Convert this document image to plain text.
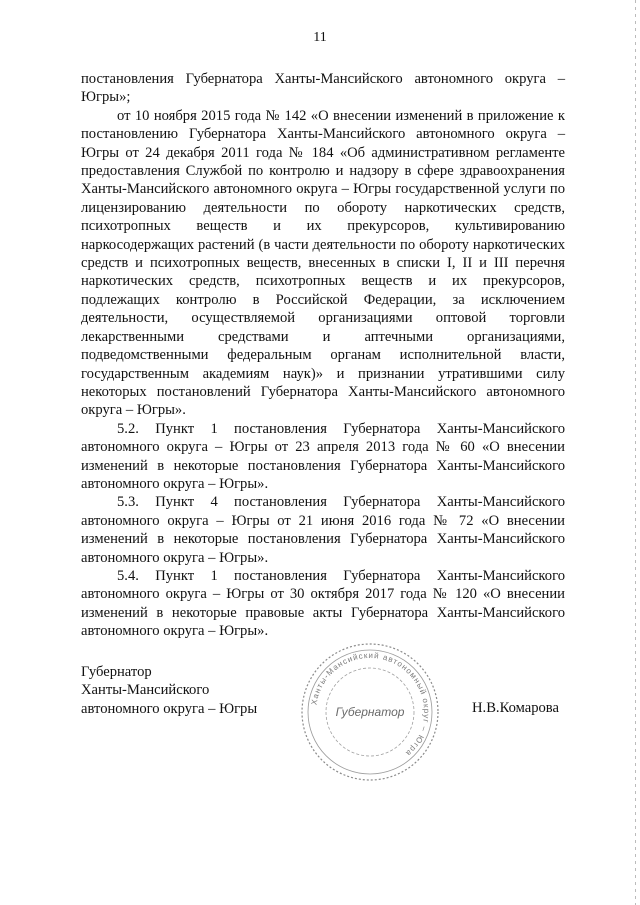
11

постановления Губернатора Ханты-Мансийского автономного округа – Югры»;

от 10 ноября 2015 года № 142 «О внесении изменений в приложение к постановлению Губернатора Ханты-Мансийского автономного округа – Югры от 24 декабря 2011 года № 184 «Об административном регламенте предоставления Службой по контролю и надзору в сфере здравоохранения Ханты-Мансийского автономного округа – Югры государственной услуги по лицензированию деятельности по обороту наркотических средств, психотропных веществ и их прекурсоров, культивированию наркосодержащих растений (в части деятельности по обороту наркотических средств и психотропных веществ, внесенных в списки I, II и III перечня наркотических средств, психотропных веществ и их прекурсоров, подлежащих контролю в Российской Федерации, за исключением деятельности, осуществляемой организациями оптовой торговли лекарственными средствами и аптечными организациями, подведомственными федеральным органам исполнительной власти, государственным академиям наук)» и признании утратившими силу некоторых постановлений Губернатора Ханты-Мансийского автономного округа – Югры».

5.2. Пункт 1 постановления Губернатора Ханты-Мансийского автономного округа – Югры от 23 апреля 2013 года № 60 «О внесении изменений в некоторые постановления Губернатора Ханты-Мансийского автономного округа – Югры».

5.3. Пункт 4 постановления Губернатора Ханты-Мансийского автономного округа – Югры от 21 июня 2016 года № 72 «О внесении изменений в некоторые постановления Губернатора Ханты-Мансийского автономного округа – Югры».

5.4. Пункт 1 постановления Губернатора Ханты-Мансийского автономного округа – Югры от 30 октября 2017 года № 120 «О внесении изменений в некоторые правовые акты Губернатора Ханты-Мансийского автономного округа – Югры».

Губернатор
Ханты-Мансийского
автономного округа – Югры	Н.В.Комарова
Ханты-Мансийский автономный округ – Югра
Губернатор
